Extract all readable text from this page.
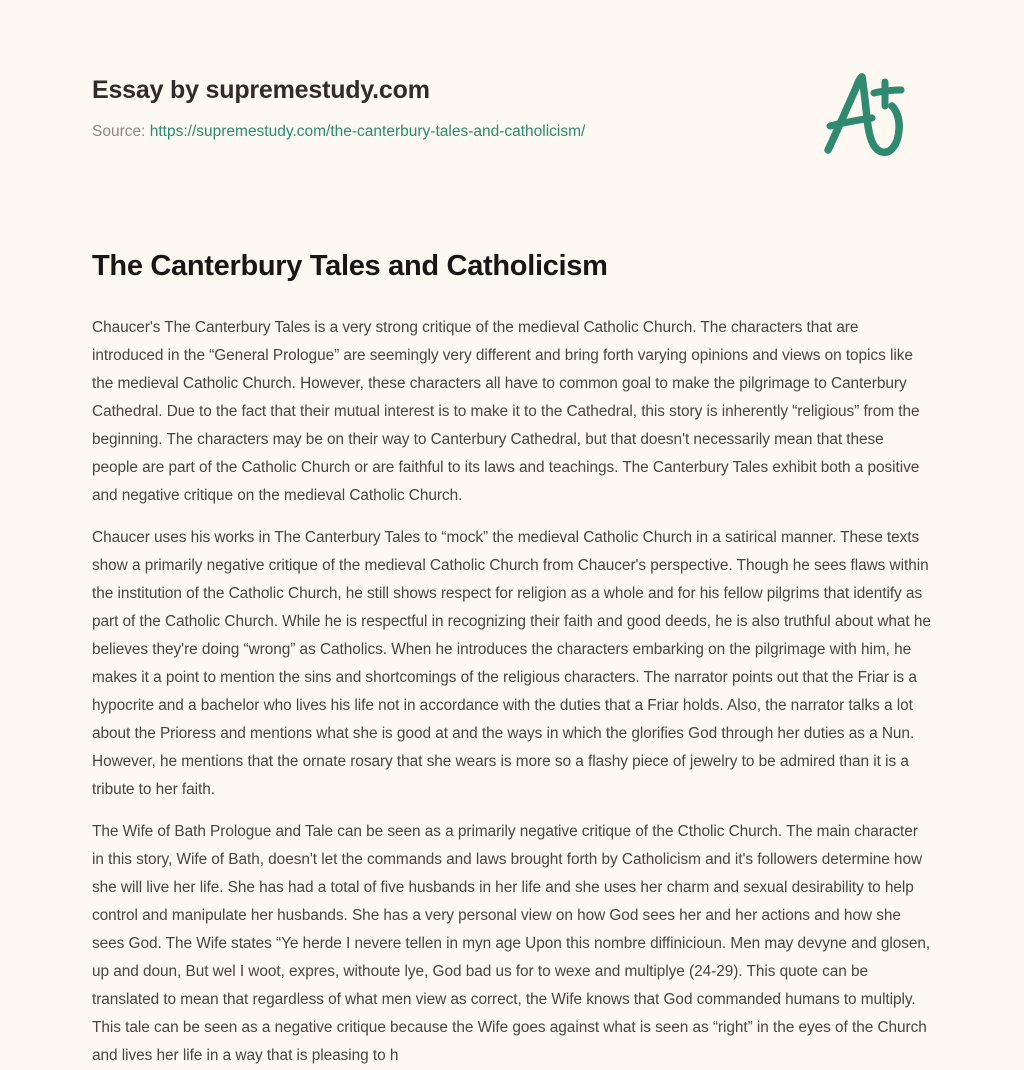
Essay by supremestudy.com
Source: https://supremestudy.com/the-canterbury-tales-and-catholicism/
The Canterbury Tales and Catholicism

Chaucer's The Canterbury Tales is a very strong critique of the medieval Catholic Church. The characters that are introduced in the “General Prologue” are seemingly very different and bring forth varying opinions and views on topics like the medieval Catholic Church. However, these characters all have to common goal to make the pilgrimage to Canterbury Cathedral. Due to the fact that their mutual interest is to make it to the Cathedral, this story is inherently “religious” from the beginning. The characters may be on their way to Canterbury Cathedral, but that doesn't necessarily mean that these people are part of the Catholic Church or are faithful to its laws and teachings. The Canterbury Tales exhibit both a positive and negative critique on the medieval Catholic Church.

Chaucer uses his works in The Canterbury Tales to “mock” the medieval Catholic Church in a satirical manner. These texts show a primarily negative critique of the medieval Catholic Church from Chaucer's perspective. Though he sees flaws within the institution of the Catholic Church, he still shows respect for religion as a whole and for his fellow pilgrims that identify as part of the Catholic Church. While he is respectful in recognizing their faith and good deeds, he is also truthful about what he believes they're doing “wrong” as Catholics. When he introduces the characters embarking on the pilgrimage with him, he makes it a point to mention the sins and shortcomings of the religious characters. The narrator points out that the Friar is a hypocrite and a bachelor who lives his life not in accordance with the duties that a Friar holds. Also, the narrator talks a lot about the Prioress and mentions what she is good at and the ways in which the glorifies God through her duties as a Nun. However, he mentions that the ornate rosary that she wears is more so a flashy piece of jewelry to be admired than it is a tribute to her faith.

The Wife of Bath Prologue and Tale can be seen as a primarily negative critique of the Ctholic Church. The main character in this story, Wife of Bath, doesn't let the commands and laws brought forth by Catholicism and it's followers determine how she will live her life. She has had a total of five husbands in her life and she uses her charm and sexual desirability to help control and manipulate her husbands. She has a very personal view on how God sees her and her actions and how she sees God. The Wife states “Ye herde I nevere tellen in myn age Upon this nombre diffinicioun. Men may devyne and glosen, up and doun, But wel I woot, expres, withoute lye, God bad us for to wexe and multiplye (24-29). This quote can be translated to mean that regardless of what men view as correct, the Wife knows that God commanded humans to multiply. This tale can be seen as a negative critique because the Wife goes against what is seen as “right” in the eyes of the Church and lives her life in a way that is pleasing to h
